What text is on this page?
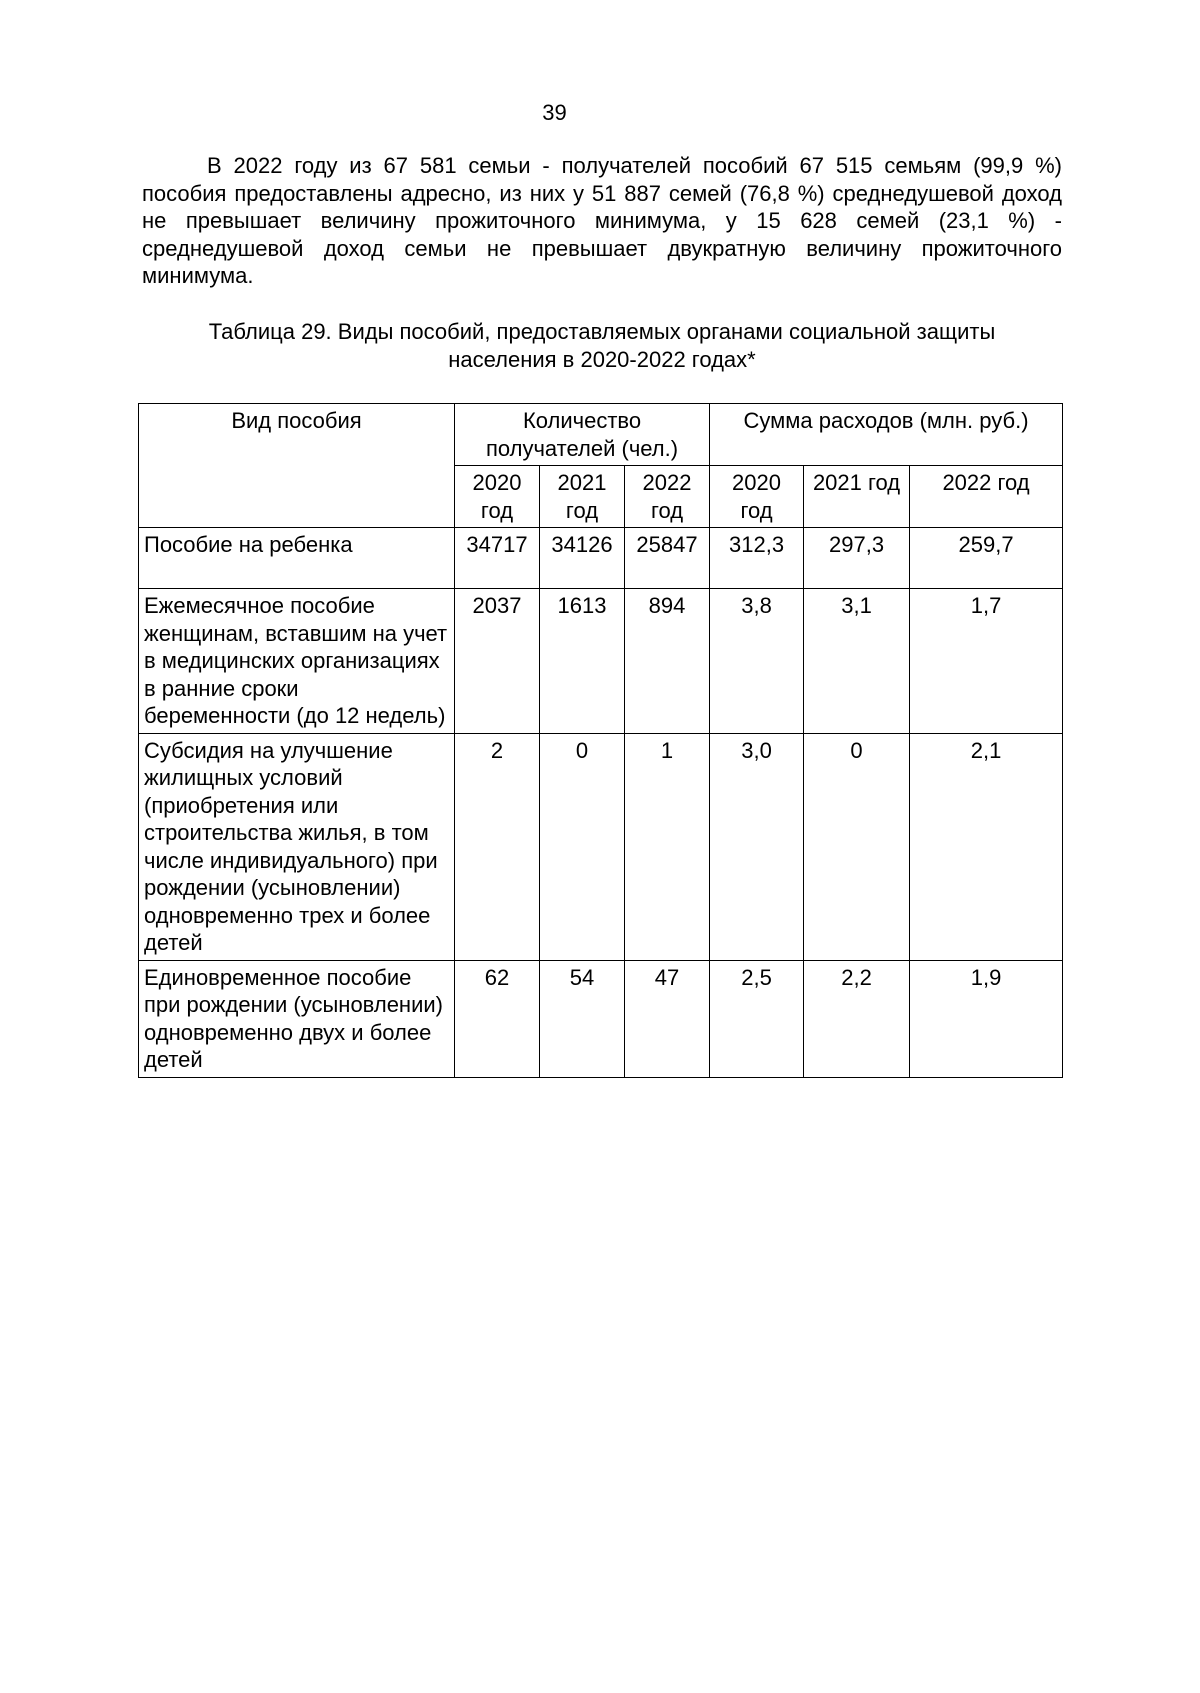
39

В 2022 году из 67 581 семьи - получателей пособий 67 515 семьям (99,9 %) пособия предоставлены адресно, из них у 51 887 семей (76,8 %) среднедушевой доход не превышает величину прожиточного минимума, у 15 628 семей (23,1 %) - среднедушевой доход семьи не превышает двукратную величину прожиточного минимума.

Таблица 29. Виды пособий, предоставляемых органами социальной защиты
населения в 2020-2022 годах*
Вид пособия	Количество получателей (чел.)			Сумма расходов (млн. руб.)		
	2020 год	2021 год	2022 год	2020 год	2021 год	2022 год
Пособие на ребенка	34717	34126	25847	312,3	297,3	259,7
Ежемесячное пособие женщинам, вставшим на учет в медицинских организациях в ранние сроки беременности (до 12 недель)	2037	1613	894	3,8	3,1	1,7
Субсидия на улучшение жилищных условий (приобретения или строительства жилья, в том числе индивидуального) при рождении (усыновлении) одновременно трех и более детей	2	0	1	3,0	0	2,1
Единовременное пособие при рождении (усыновлении) одновременно двух и более детей	62	54	47	2,5	2,2	1,9
